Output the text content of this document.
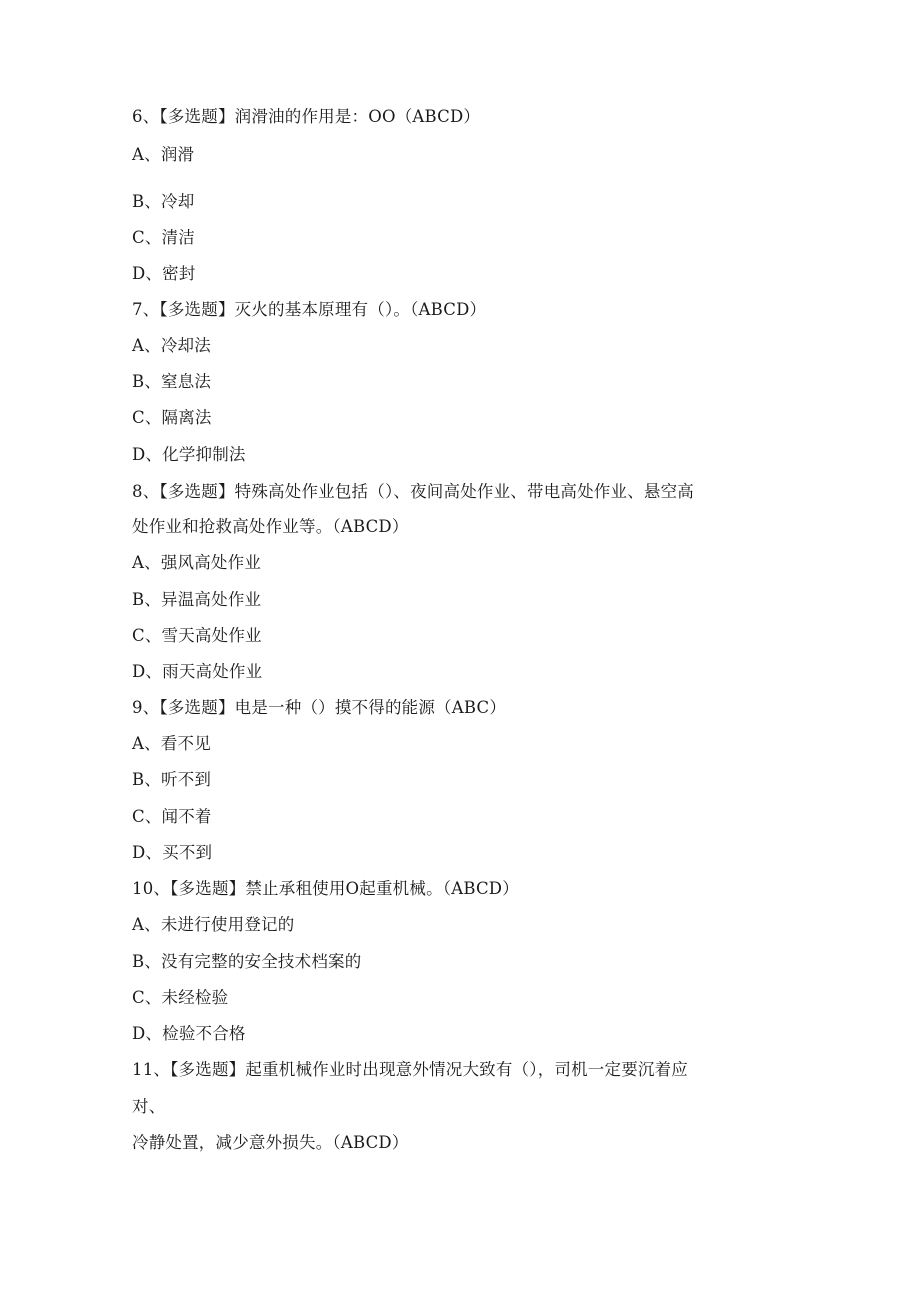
6、【多选题】润滑油的作用是：OO（ABCD）
A、润滑
B、冷却
C、清洁
D、密封
7、【多选题】灭火的基本原理有（）。（ABCD）
A、冷却法
B、窒息法
C、隔离法
D、化学抑制法
8、【多选题】特殊高处作业包括（）、夜间高处作业、带电高处作业、悬空高
处作业和抢救高处作业等。（ABCD）
A、强风高处作业
B、异温高处作业
C、雪天高处作业
D、雨天高处作业
9、【多选题】电是一种（）摸不得的能源（ABC）
A、看不见
B、听不到
C、闻不着
D、买不到
10、【多选题】禁止承租使用O起重机械。（ABCD）
A、未进行使用登记的
B、没有完整的安全技术档案的
C、未经检验
D、检验不合格
11、【多选题】起重机械作业时出现意外情况大致有（），司机一定要沉着应
对、
冷静处置，减少意外损失。（ABCD）
